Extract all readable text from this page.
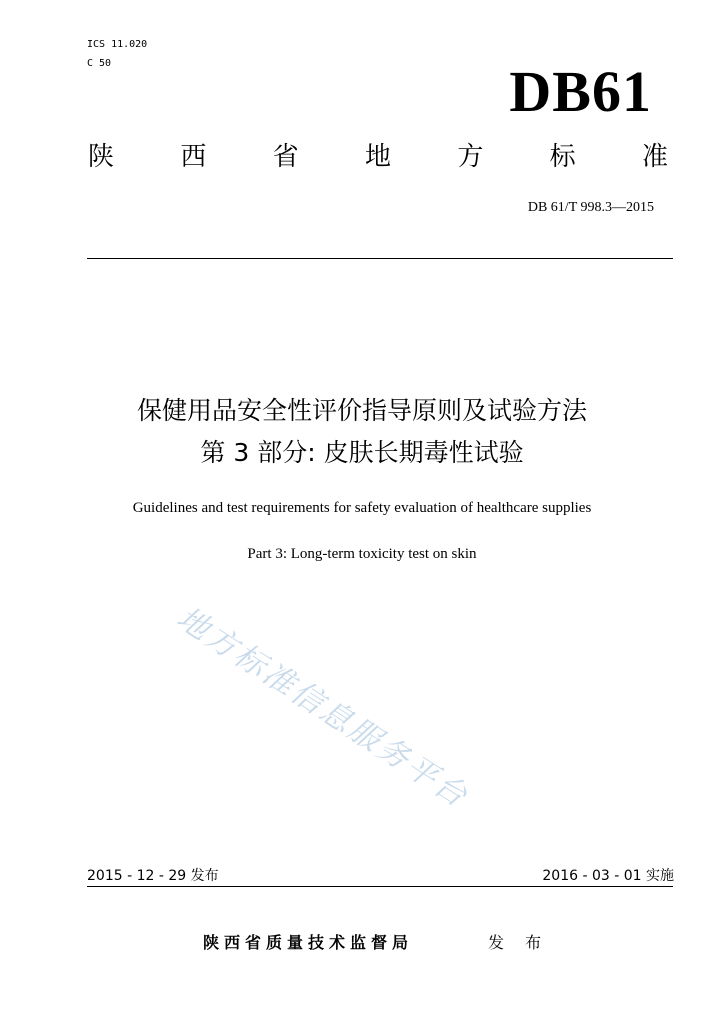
ICS 11.020
C 50	DB61
陕	西	省	地	方	标	准
DB 61/T 998.3—2015
保健用品安全性评价指导原则及试验方法
第 3 部分: 皮肤长期毒性试验
Guidelines and test requirements for safety evaluation of healthcare supplies
Part 3: Long-term toxicity test on skin
地方标准信息服务平台
2015 - 12 - 29 发布	2016 - 03 - 01 实施
陕西省质量技术监督局	发 布
